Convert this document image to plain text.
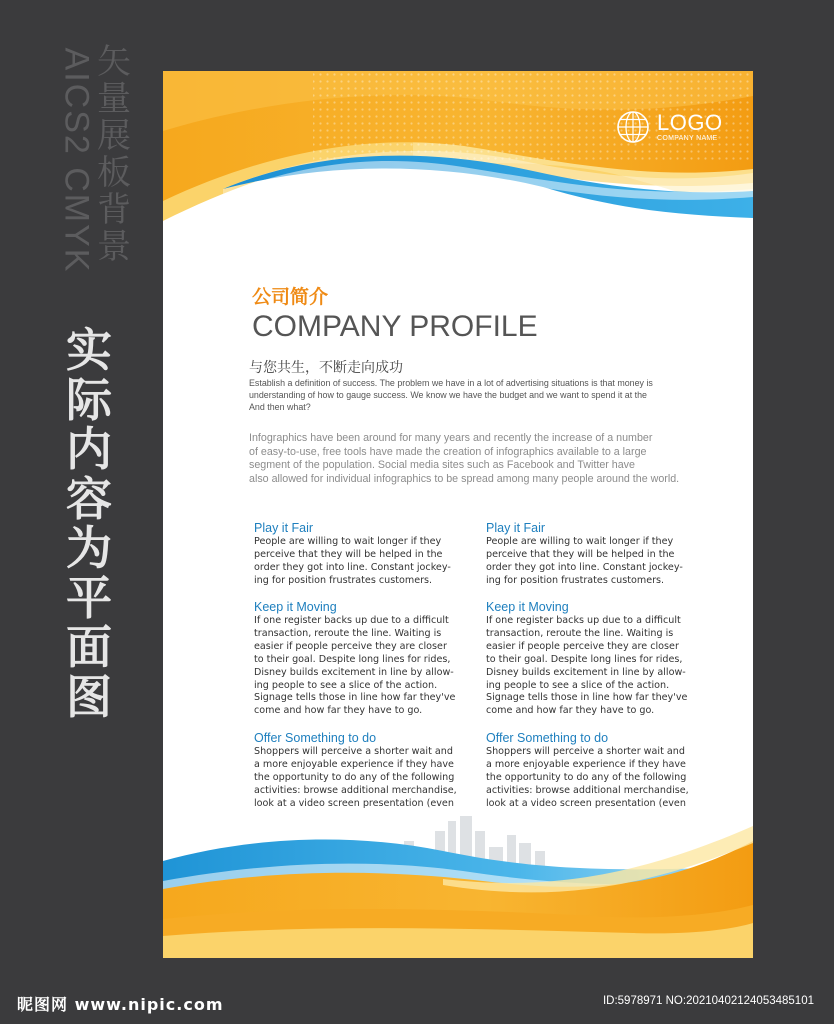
AICS2 CMYK 矢量展板背景
实际内容为平面图
LOGO
COMPANY NAME
公司简介
COMPANY PROFILE
与您共生，不断走向成功
Establish a definition of success. The problem we have in a lot of advertising situations is that money is
understanding of how to gauge success. We know we have the budget and we want to spend it at the
And then what?
Infographics have been around for many years and recently the increase of a number
of easy-to-use, free tools have made the creation of infographics available to a large
segment of the population. Social media sites such as Facebook and Twitter have
also allowed for individual infographics to be spread among many people around the world.
Play it Fair

People are willing to wait longer if they

perceive that they will be helped in the

order they got into line. Constant jockey-

ing for position frustrates customers.

Keep it Moving

If one register backs up due to a difficult

transaction, reroute the line. Waiting is

easier if people perceive they are closer

to their goal. Despite long lines for rides,

Disney builds excitement in line by allow-

ing people to see a slice of the action.

Signage tells those in line how far they've

come and how far they have to go.

Offer Something to do

Shoppers will perceive a shorter wait and

a more enjoyable experience if they have

the opportunity to do any of the following

activities: browse additional merchandise,

look at a video screen presentation (even

Play it Fair

People are willing to wait longer if they

perceive that they will be helped in the

order they got into line. Constant jockey-

ing for position frustrates customers.

Keep it Moving

If one register backs up due to a difficult

transaction, reroute the line. Waiting is

easier if people perceive they are closer

to their goal. Despite long lines for rides,

Disney builds excitement in line by allow-

ing people to see a slice of the action.

Signage tells those in line how far they've

come and how far they have to go.

Offer Something to do

Shoppers will perceive a shorter wait and

a more enjoyable experience if they have

the opportunity to do any of the following

activities: browse additional merchandise,

look at a video screen presentation (even

昵图网 www.nipic.com	ID:5978971 NO:20210402124053485101
